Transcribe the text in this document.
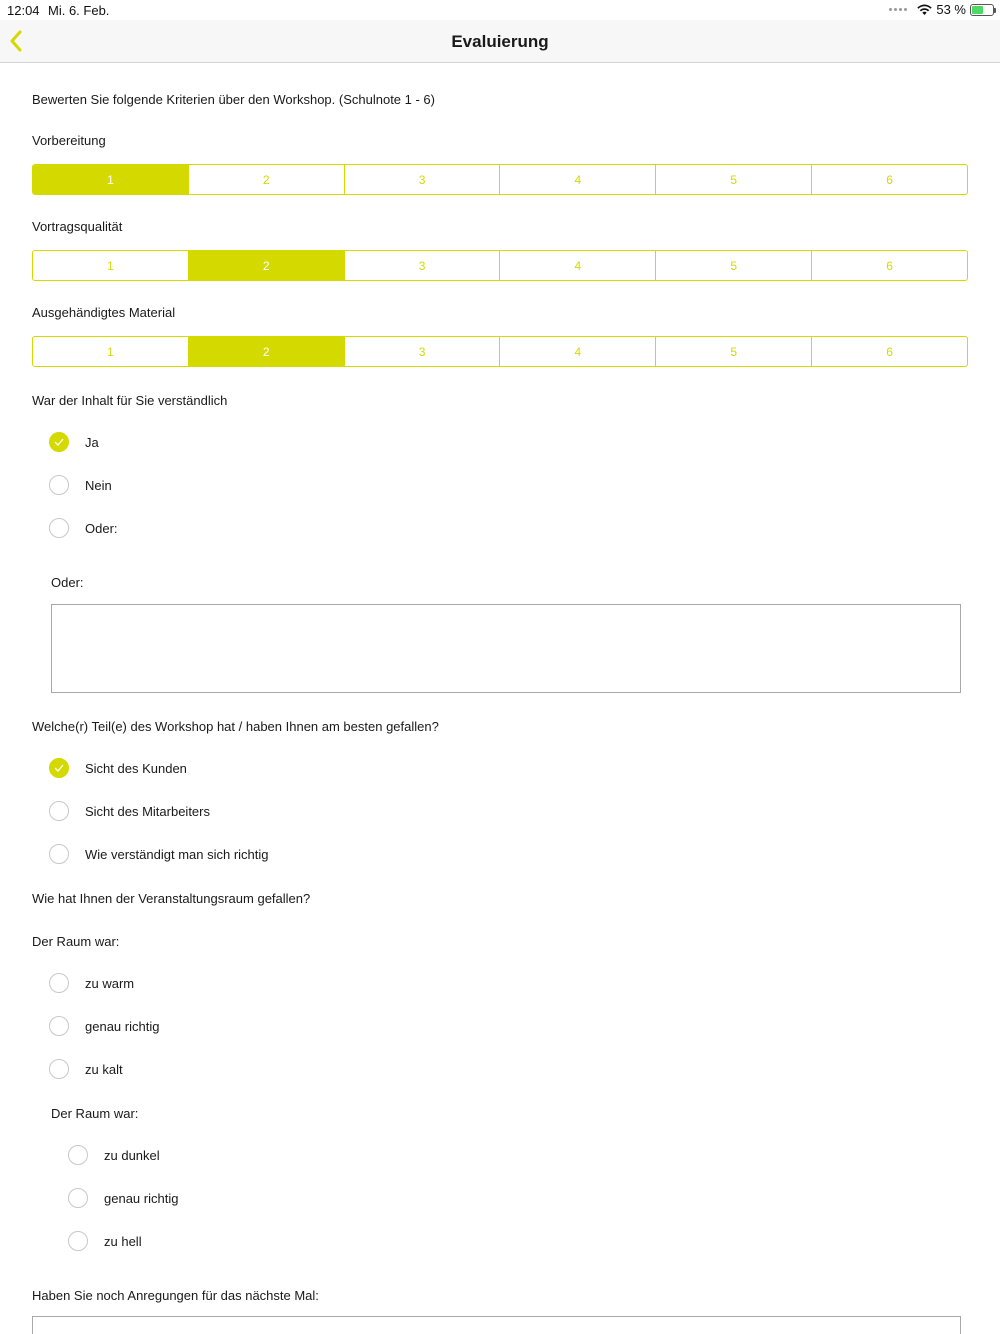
12:04 Mi. 6. Feb.	53 %
Evaluierung
Bewerten Sie folgende Kriterien über den Workshop. (Schulnote 1 - 6)
Vorbereitung
1	2	3	4	5	6
Vortragsqualität
1	2	3	4	5	6
Ausgehändigtes Material
1	2	3	4	5	6
War der Inhalt für Sie verständlich
Ja
Nein
Oder:
Oder:
Welche(r) Teil(e) des Workshop hat / haben Ihnen am besten gefallen?
Sicht des Kunden
Sicht des Mitarbeiters
Wie verständigt man sich richtig
Wie hat Ihnen der Veranstaltungsraum gefallen?
Der Raum war:
zu warm
genau richtig
zu kalt
Der Raum war:
zu dunkel
genau richtig
zu hell
Haben Sie noch Anregungen für das nächste Mal:
